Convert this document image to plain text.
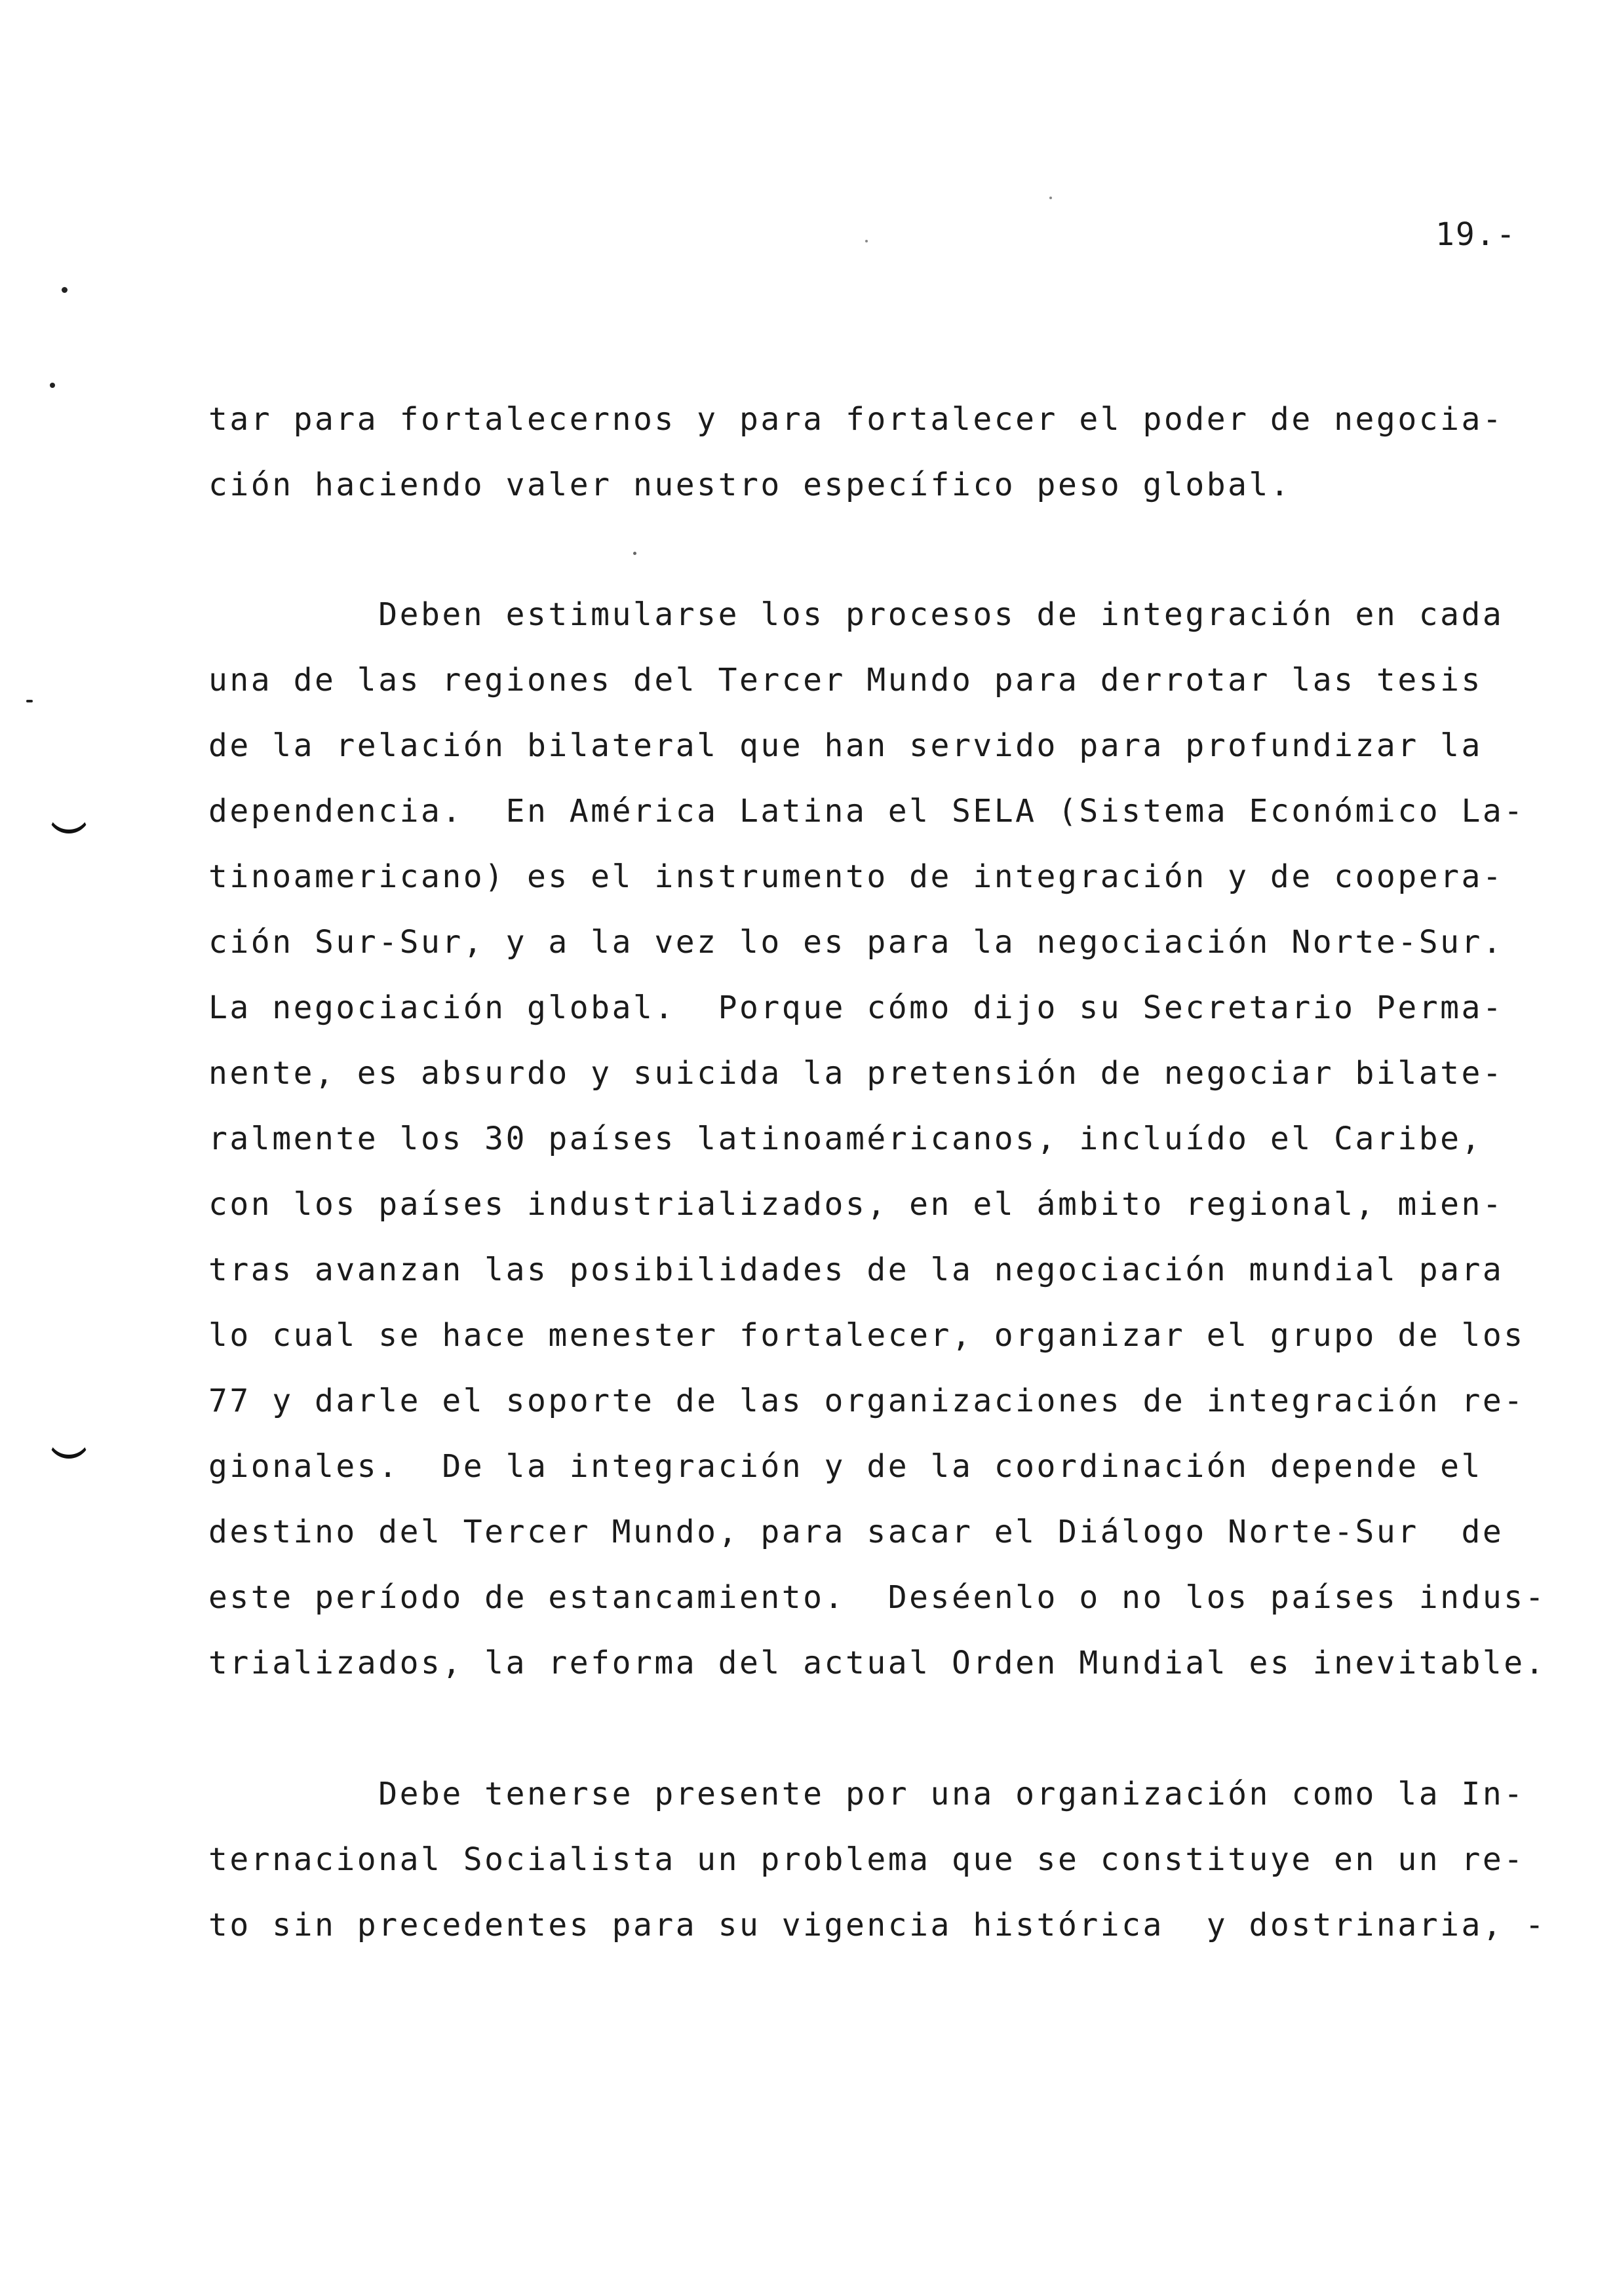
19.-
tar para fortalecernos y para fortalecer el poder de negocia-
ción haciendo valer nuestro específico peso global.
Deben estimularse los procesos de integración en cada
una de las regiones del Tercer Mundo para derrotar las tesis
de la relación bilateral que han servido para profundizar la
dependencia.  En América Latina el SELA (Sistema Económico La-
tinoamericano) es el instrumento de integración y de coopera-
ción Sur-Sur, y a la vez lo es para la negociación Norte-Sur.
La negociación global.  Porque cómo dijo su Secretario Perma-
nente, es absurdo y suicida la pretensión de negociar bilate-
ralmente los 30 países latinoaméricanos, incluído el Caribe,
con los países industrializados, en el ámbito regional, mien-
tras avanzan las posibilidades de la negociación mundial para
lo cual se hace menester fortalecer, organizar el grupo de los
77 y darle el soporte de las organizaciones de integración re-
gionales.  De la integración y de la coordinación depende el
destino del Tercer Mundo, para sacar el Diálogo Norte-Sur  de
este período de estancamiento.  Deséenlo o no los países indus-
trializados, la reforma del actual Orden Mundial es inevitable.
Debe tenerse presente por una organización como la In-
ternacional Socialista un problema que se constituye en un re-
to sin precedentes para su vigencia histórica  y dostrinaria, -
